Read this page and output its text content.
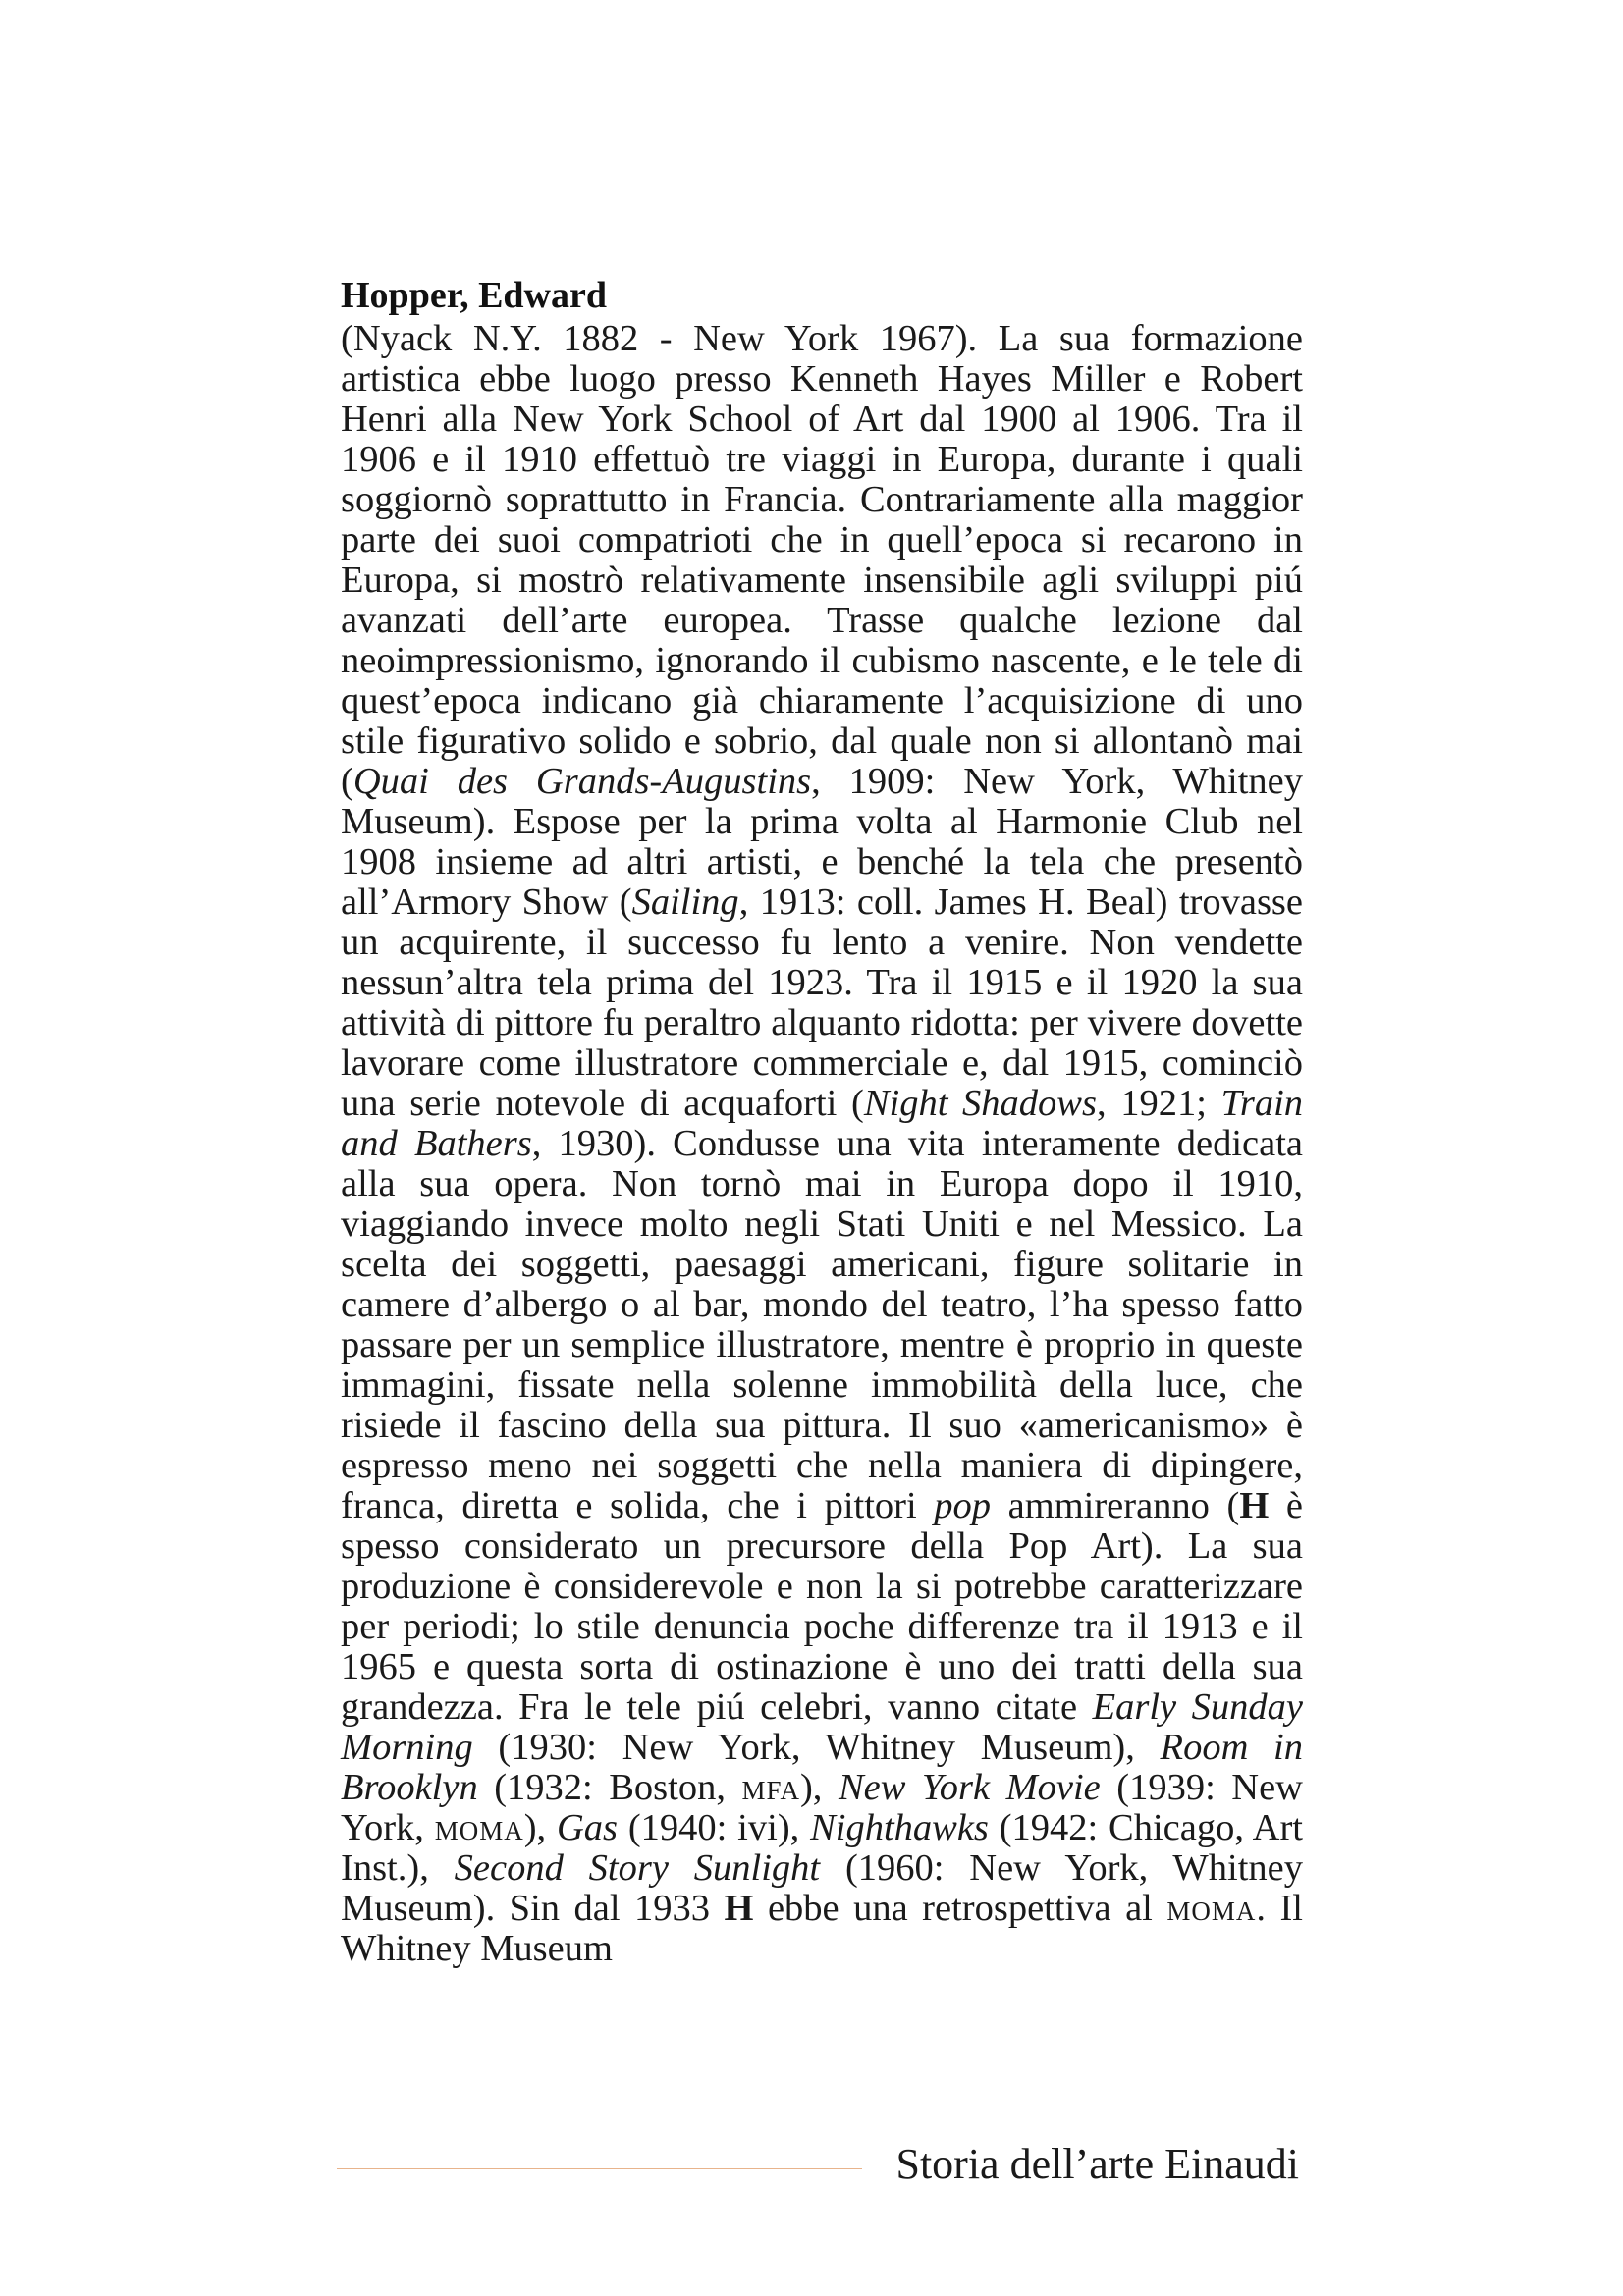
Hopper, Edward

(Nyack N.Y. 1882 - New York 1967). La sua formazione artistica ebbe luogo presso Kenneth Hayes Miller e Robert Henri alla New York School of Art dal 1900 al 1906. Tra il 1906 e il 1910 effettuò tre viaggi in Europa, durante i quali soggiornò soprattutto in Francia. Contrariamente alla maggior parte dei suoi compatrioti che in quell’epoca si recarono in Europa, si mostrò relativamente insensibile agli sviluppi piú avanzati dell’arte europea. Trasse qualche lezione dal neoimpressionismo, ignorando il cubismo nascente, e le tele di quest’epoca indicano già chiaramente l’acquisizione di uno stile figurativo solido e sobrio, dal quale non si allontanò mai (Quai des Grands-Augustins, 1909: New York, Whitney Museum). Espose per la prima volta al Harmonie Club nel 1908 insieme ad altri artisti, e benché la tela che presentò all’Armory Show (Sailing, 1913: coll. James H. Beal) trovasse un acquirente, il successo fu lento a venire. Non vendette nessun’altra tela prima del 1923. Tra il 1915 e il 1920 la sua attività di pittore fu peraltro alquanto ridotta: per vivere dovette lavorare come illustratore commerciale e, dal 1915, cominciò una serie notevole di acquaforti (Night Shadows, 1921; Train and Bathers, 1930). Condusse una vita interamente dedicata alla sua opera. Non tornò mai in Europa dopo il 1910, viaggiando invece molto negli Stati Uniti e nel Messico. La scelta dei soggetti, paesaggi americani, figure solitarie in camere d’albergo o al bar, mondo del teatro, l’ha spesso fatto passare per un semplice illustratore, mentre è proprio in queste immagini, fissate nella solenne immobilità della luce, che risiede il fascino della sua pittura. Il suo «americanismo» è espresso meno nei soggetti che nella maniera di dipingere, franca, diretta e solida, che i pittori pop ammireranno (H è spesso considerato un precursore della Pop Art). La sua produzione è considerevole e non la si potrebbe caratterizzare per periodi; lo stile denuncia poche differenze tra il 1913 e il 1965 e questa sorta di ostinazione è uno dei tratti della sua grandezza. Fra le tele piú celebri, vanno citate Early Sunday Morning (1930: New York, Whitney Museum), Room in Brooklyn (1932: Boston, mfa), New York Movie (1939: New York, moma), Gas (1940: ivi), Nighthawks (1942: Chicago, Art Inst.), Second Story Sunlight (1960: New York, Whitney Museum). Sin dal 1933 H ebbe una retrospettiva al moma. Il Whitney Museum

Storia dell’arte Einaudi
